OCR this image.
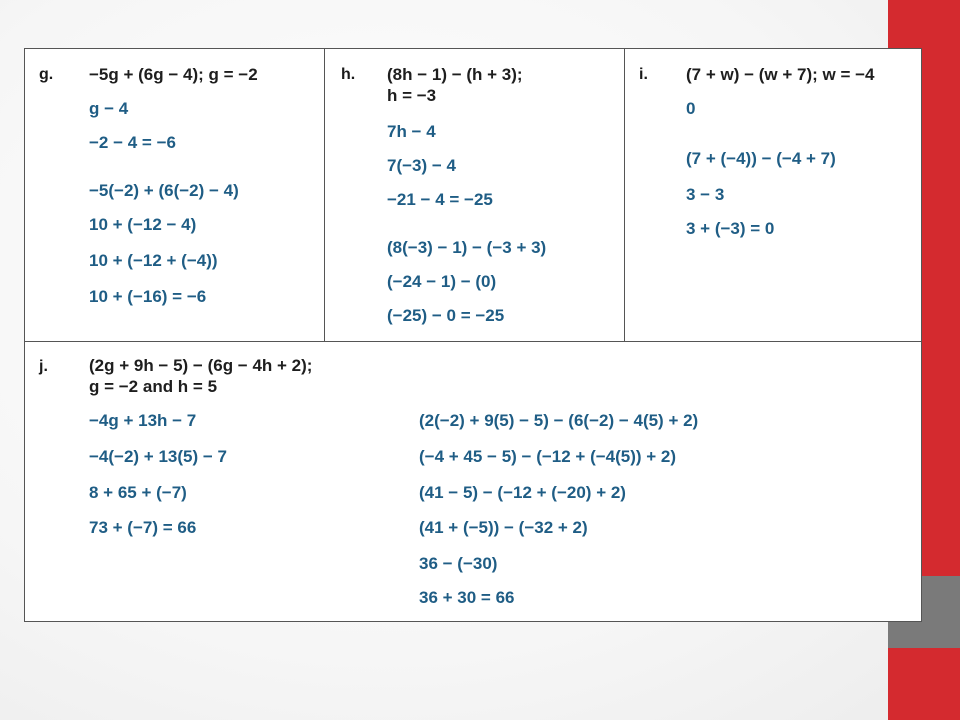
g. −5g + (6g − 4); g = −2
g − 4
−2 − 4 = −6
−5(−2) + (6(−2) − 4)
10 + (−12 − 4)
10 + (−12 + (−4))
10 + (−16) = −6
h. (8h − 1) − (h + 3);
h = −3
7h − 4
7(−3) − 4
−21 − 4 = −25
(8(−3) − 1) − (−3 + 3)
(−24 − 1) − (0)
(−25) − 0 = −25
i. (7 + w) − (w + 7); w = −4
0
(7 + (−4)) − (−4 + 7)
3 − 3
3 + (−3) = 0
j. (2g + 9h − 5) − (6g − 4h + 2);
g = −2 and h = 5
−4g + 13h − 7
−4(−2) + 13(5) − 7
8 + 65 + (−7)
73 + (−7) = 66
(2(−2) + 9(5) − 5) − (6(−2) − 4(5) + 2)
(−4 + 45 − 5) − (−12 + (−4(5)) + 2)
(41 − 5) − (−12 + (−20) + 2)
(41 + (−5)) − (−32 + 2)
36 − (−30)
36 + 30 = 66
